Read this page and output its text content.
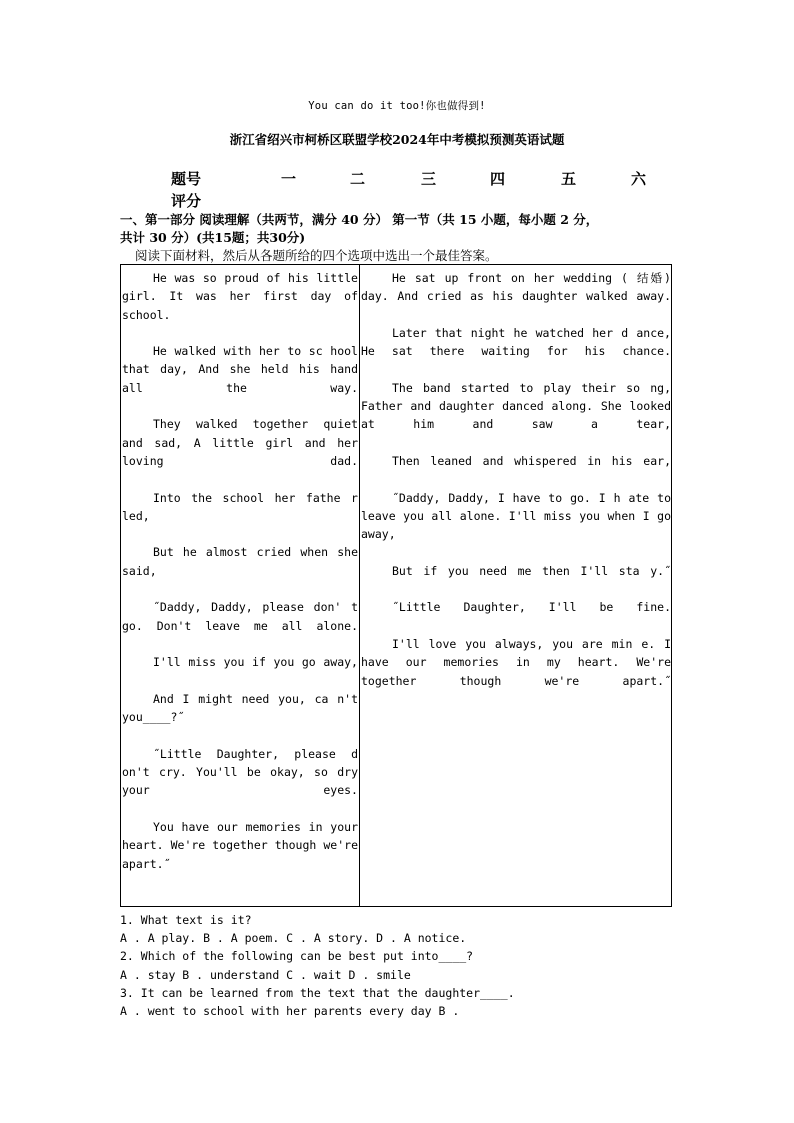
You can do it too!你也做得到!
浙江省绍兴市柯桥区联盟学校2024年中考模拟预测英语试题
题号	一	二	三	四	五	六
评分
一、第一部分 阅读理解（共两节，满分 40 分） 第一节（共 15 小题，每小题 2 分，
共计 30 分）(共15题；共30分)
阅读下面材料，然后从各题所给的四个选项中选出一个最佳答案。

He was so proud of his little girl. It was her first day of school.

He walked with her to sc hool that day, And she held his hand all the way.

They walked together quiet and sad, A little girl and her loving dad.

Into the school her fathe r led,

But he almost cried when she said,

˝Daddy, Daddy, please don' t go. Don't leave me all alone.

I'll miss you if you go away,

And I might need you, ca n't you____?˝

˝Little Daughter, please d on't cry. You'll be okay, so dry your eyes.

You have our memories in your heart. We're together though we're apart.˝

He sat up front on her wedding ( 结婚) day. And cried as his daughter walked away.

Later that night he watched her d ance, He sat there waiting for his chance.

The band started to play their so ng, Father and daughter danced along. She looked at him and saw a tear,

Then leaned and whispered in his ear,

˝Daddy, Daddy, I have to go. I h ate to leave you all alone. I'll miss you when I go away,

But if you need me then I'll sta y.˝

˝Little Daughter, I'll be fine.

I'll love you always, you are min e. I have our memories in my heart. We're together though we're apart.˝

1. What text is it?
A . A play. B . A poem. C . A story. D . A notice.
2. Which of the following can be best put into____?
A . stay B . understand C . wait D . smile
3. It can be learned from the text that the daughter____.
A . went to school with her parents every day B .
